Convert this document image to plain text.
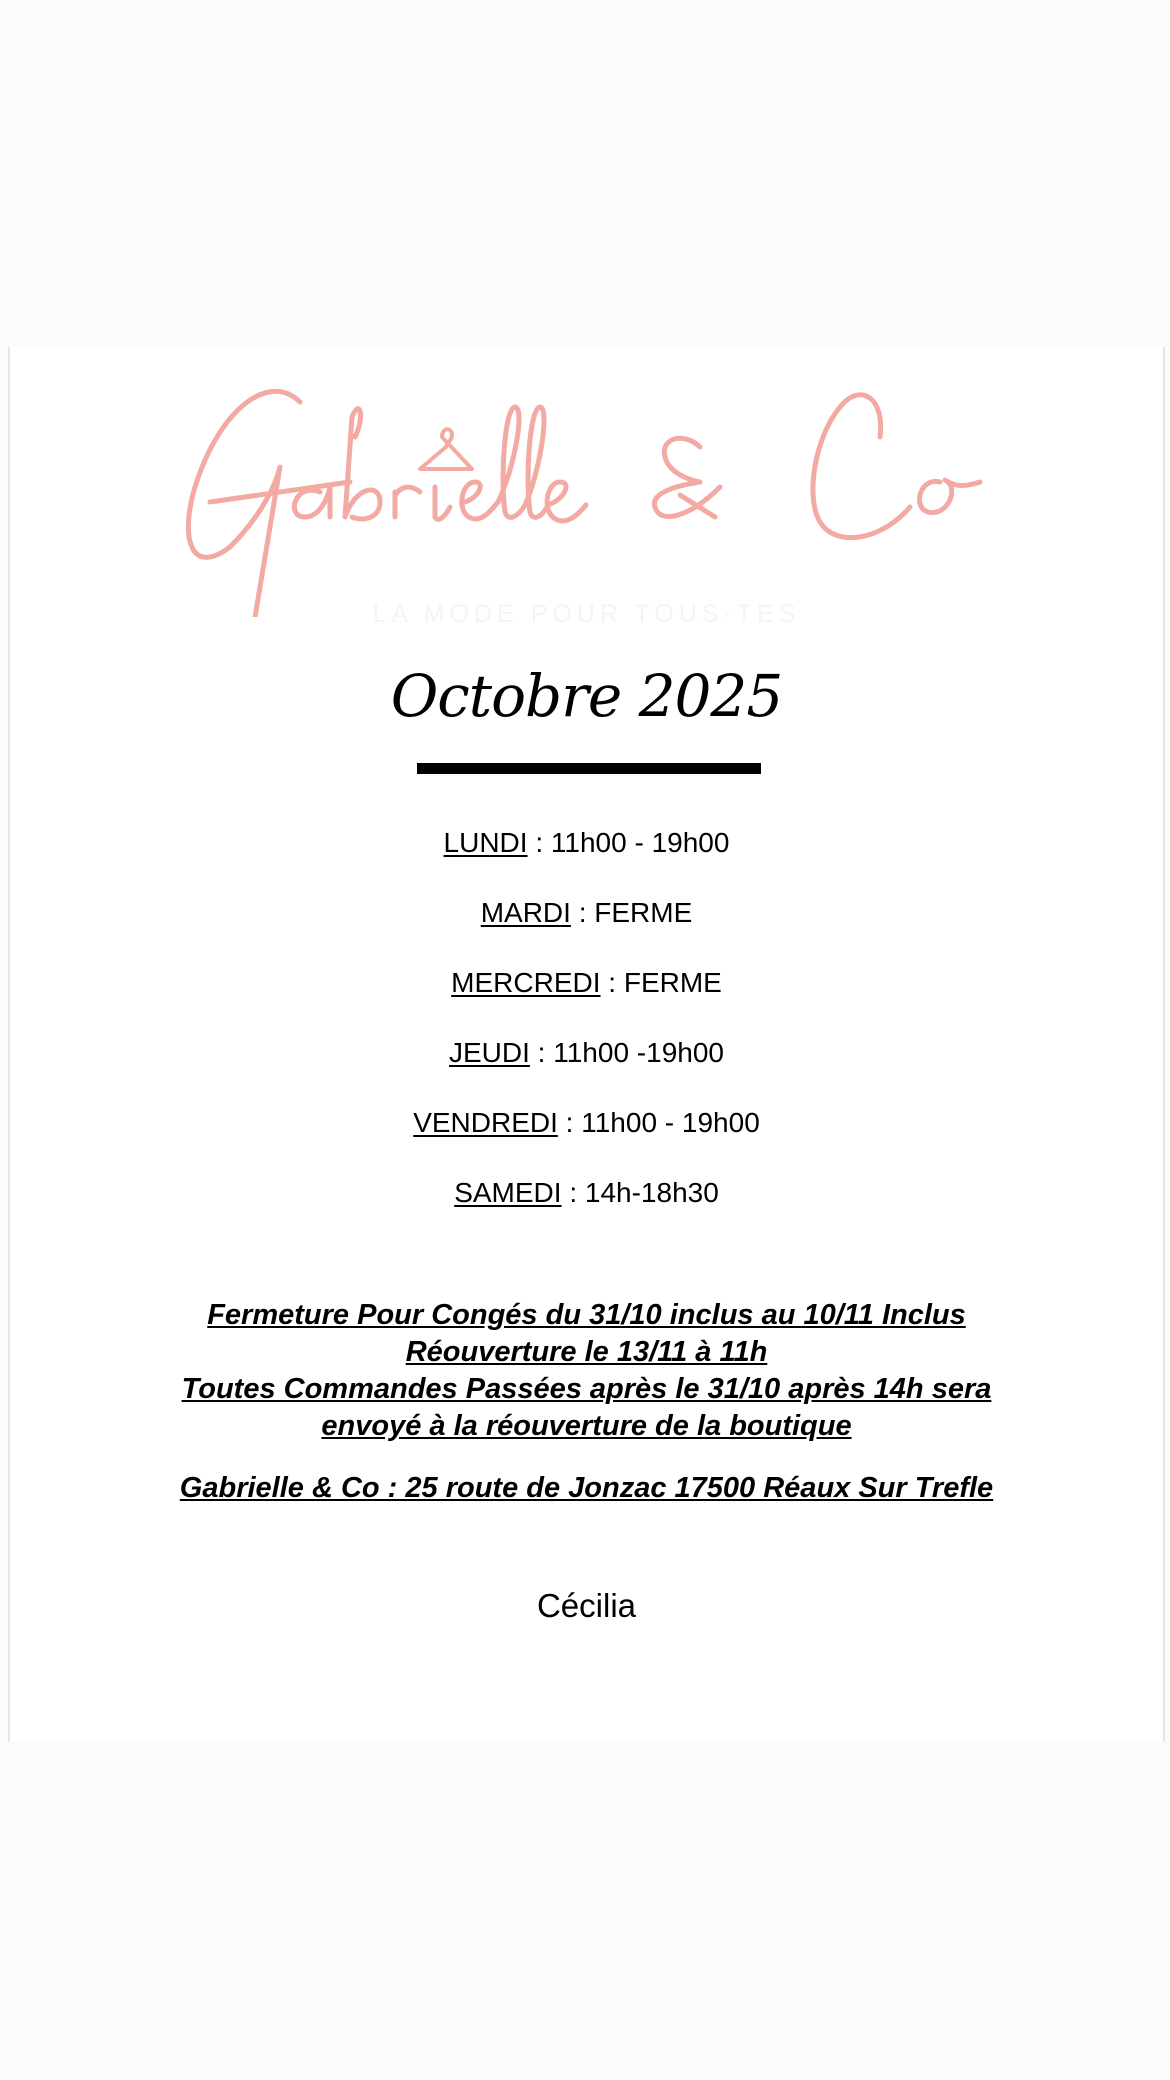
LA MODE POUR TOUS·TES
Octobre 2025
LUNDI : 11h00 - 19h00
MARDI : FERME
MERCREDI : FERME
JEUDI : 11h00 -19h00
VENDREDI : 11h00 - 19h00
SAMEDI : 14h-18h30
Fermeture Pour Congés du 31/10 inclus au 10/11 Inclus
Réouverture le 13/11 à 11h
Toutes Commandes Passées après le 31/10 après 14h sera
envoyé à la réouverture de la boutique
Gabrielle & Co : 25 route de Jonzac 17500 Réaux Sur Trefle
Cécilia
